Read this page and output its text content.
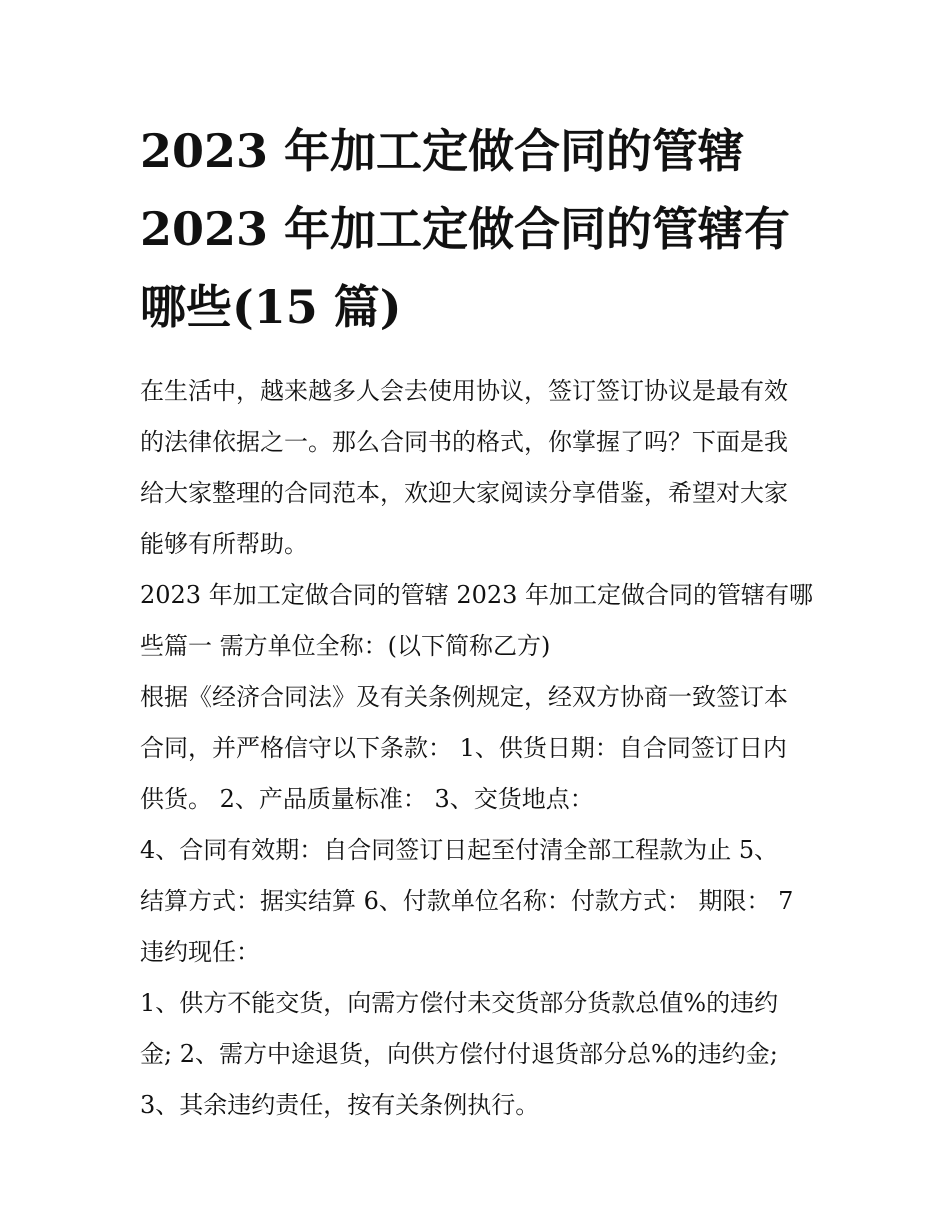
2023 年加工定做合同的管辖
2023 年加工定做合同的管辖有
哪些(15 篇)

在生活中，越来越多人会去使用协议，签订签订协议是最有效
的法律依据之一。那么合同书的格式，你掌握了吗？下面是我
给大家整理的合同范本，欢迎大家阅读分享借鉴，希望对大家
能够有所帮助。

2023 年加工定做合同的管辖 2023 年加工定做合同的管辖有哪
些篇一 需方单位全称：(以下简称乙方)

根据《经济合同法》及有关条例规定，经双方协商一致签订本
合同，并严格信守以下条款： 1、供货日期：自合同签订日内
供货。 2、产品质量标准： 3、交货地点：

4、合同有效期：自合同签订日起至付清全部工程款为止 5、
结算方式：据实结算 6、付款单位名称：付款方式： 期限： 7
违约现任：

1、供方不能交货，向需方偿付未交货部分货款总值%的违约
金; 2、需方中途退货，向供方偿付付退货部分总%的违约金;
3、其余违约责任，按有关条例执行。
